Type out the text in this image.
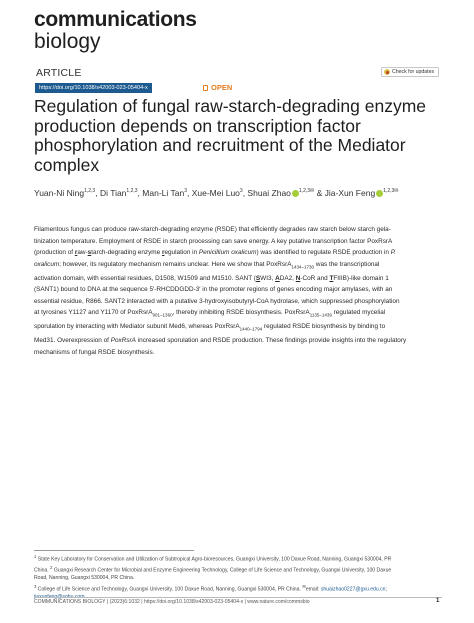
communications
biology
ARTICLE	Check for updates
https://doi.org/10.1038/s42003-023-05404-x	OPEN
Regulation of fungal raw-starch-degrading enzyme
production depends on transcription factor
phosphorylation and recruitment of the Mediator
complex
Yuan-Ni Ning$^{1,2,3}$, Di Tian$^{1,2,3}$, Man-Li Tan$^3$, Xue-Mei Luo$^3$, Shuai Zhao $^{1,2,3✉}$ & Jia-Xun Feng $^{1,2,3✉}$
Filamentous fungus can produce raw-starch-degrading enzyme (RSDE) that efficiently degrades raw starch below starch gela-
tinization temperature. Employment of RSDE in starch processing can save energy. A key putative transcription factor PoxRsrA
(production of raw-starch-degrading enzyme regulation in Penicillium oxalicum) was identified to regulate RSDE production in P.
oxalicum; however, its regulatory mechanism remains unclear. Here we show that PoxRsrA$_{1434-1730}$ was the transcriptional
activation domain, with essential residues, D1508, W1509 and M1510. SANT (SWI3, ADA2, N-CoR and TFIIIB)-like domain 1
(SANT1) bound to DNA at the sequence 5′-RHCDDGDD-3′ in the promoter regions of genes encoding major amylases, with an
essential residue, R866. SANT2 interacted with a putative 3-hydroxyisobutyryl-CoA hydrolase, which suppressed phosphorylation
at tyrosines Y1127 and Y1170 of PoxRsrA$_{901-1360}$, thereby inhibiting RSDE biosynthesis. PoxRsrA$_{1135-1439}$ regulated mycelial
sporulation by interacting with Mediator subunit Med6, whereas PoxRsrA$_{1440-1794}$ regulated RSDE biosynthesis by binding to
Med31. Overexpression of PoxRsrA increased sporulation and RSDE production. These findings provide insights into the regulatory
mechanisms of fungal RSDE biosynthesis.
$^1$ State Key Laboratory for Conservation and Utilization of Subtropical Agro-bioresources, Guangxi University, 100 Daxue Road, Nanning, Guangxi 530004, PR
China. $^2$ Guangxi Research Center for Microbial and Enzyme Engineering Technology, College of Life Science and Technology, Guangxi University, 100 Daxue
Road, Nanning, Guangxi 530004, PR China.
$^3$ College of Life Science and Technology, Guangxi University, 100 Daxue Road, Nanning, Guangxi 530004, PR China. ✉email: shuaizhao0227@gxu.edu.cn;
jiaxunfeng@sohu.com
COMMUNICATIONS BIOLOGY | (2023)6:1032 | https://doi.org/10.1038/s42003-023-05404-x | www.nature.com/commsbio	1
